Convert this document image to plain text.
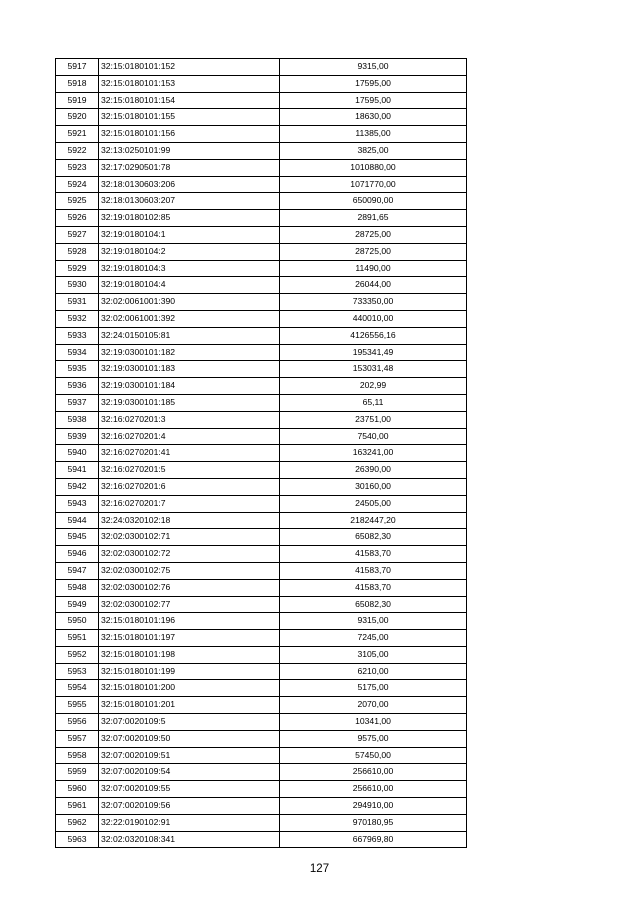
5917	32:15:0180101:152	9315,00
5918	32:15:0180101:153	17595,00
5919	32:15:0180101:154	17595,00
5920	32:15:0180101:155	18630,00
5921	32:15:0180101:156	11385,00
5922	32:13:0250101:99	3825,00
5923	32:17:0290501:78	1010880,00
5924	32:18:0130603:206	1071770,00
5925	32:18:0130603:207	650090,00
5926	32:19:0180102:85	2891,65
5927	32:19:0180104:1	28725,00
5928	32:19:0180104:2	28725,00
5929	32:19:0180104:3	11490,00
5930	32:19:0180104:4	26044,00
5931	32:02:0061001:390	733350,00
5932	32:02:0061001:392	440010,00
5933	32:24:0150105:81	4126556,16
5934	32:19:0300101:182	195341,49
5935	32:19:0300101:183	153031,48
5936	32:19:0300101:184	202,99
5937	32:19:0300101:185	65,11
5938	32:16:0270201:3	23751,00
5939	32:16:0270201:4	7540,00
5940	32:16:0270201:41	163241,00
5941	32:16:0270201:5	26390,00
5942	32:16:0270201:6	30160,00
5943	32:16:0270201:7	24505,00
5944	32:24:0320102:18	2182447,20
5945	32:02:0300102:71	65082,30
5946	32:02:0300102:72	41583,70
5947	32:02:0300102:75	41583,70
5948	32:02:0300102:76	41583,70
5949	32:02:0300102:77	65082,30
5950	32:15:0180101:196	9315,00
5951	32:15:0180101:197	7245,00
5952	32:15:0180101:198	3105,00
5953	32:15:0180101:199	6210,00
5954	32:15:0180101:200	5175,00
5955	32:15:0180101:201	2070,00
5956	32:07:0020109:5	10341,00
5957	32:07:0020109:50	9575,00
5958	32:07:0020109:51	57450,00
5959	32:07:0020109:54	256610,00
5960	32:07:0020109:55	256610,00
5961	32:07:0020109:56	294910,00
5962	32:22:0190102:91	970180,95
5963	32:02:0320108:341	667969,80
127
